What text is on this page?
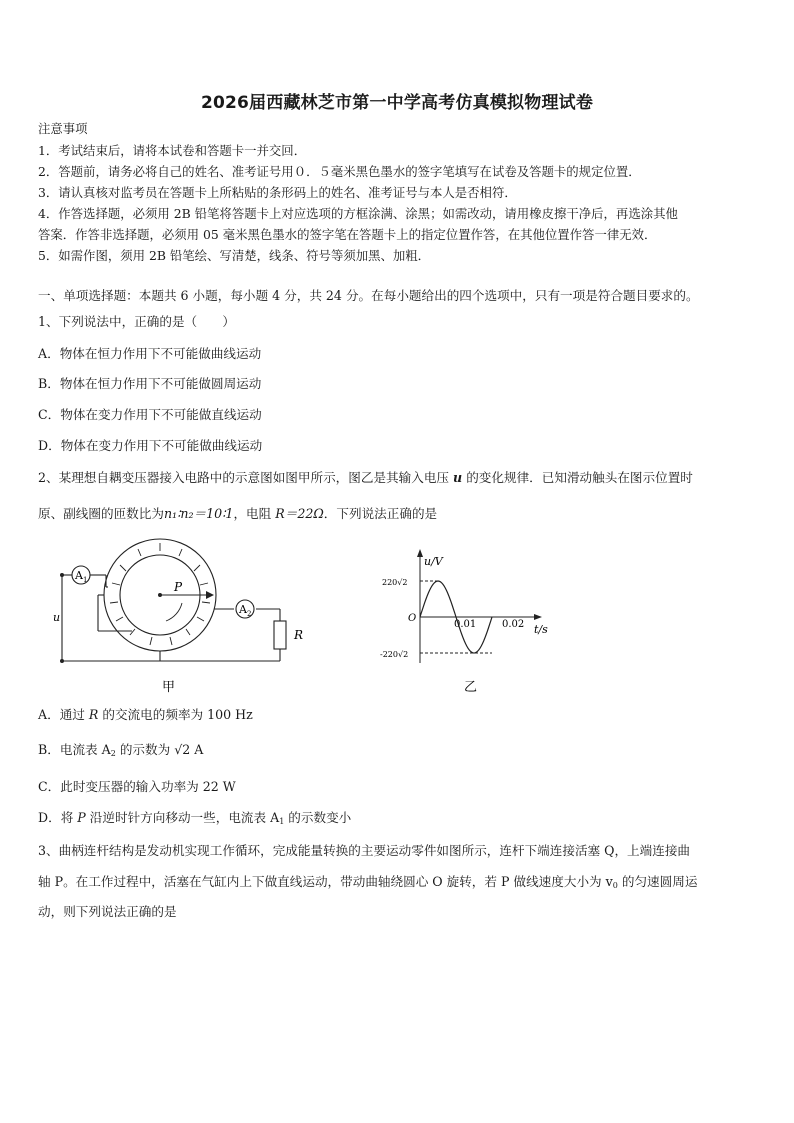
2026届西藏林芝市第一中学高考仿真模拟物理试卷
注意事项
1．考试结束后，请将本试卷和答题卡一并交回．
2．答题前，请务必将自己的姓名、准考证号用０．５毫米黑色墨水的签字笔填写在试卷及答题卡的规定位置．
3．请认真核对监考员在答题卡上所粘贴的条形码上的姓名、准考证号与本人是否相符．
4．作答选择题，必须用 2B 铅笔将答题卡上对应选项的方框涂满、涂黑；如需改动，请用橡皮擦干净后，再选涂其他
答案．作答非选择题，必须用 05 毫米黑色墨水的签字笔在答题卡上的指定位置作答，在其他位置作答一律无效．
5．如需作图，须用 2B 铅笔绘、写清楚，线条、符号等须加黑、加粗．
一、单项选择题：本题共 6 小题，每小题 4 分，共 24 分。在每小题给出的四个选项中，只有一项是符合题目要求的。
1、下列说法中，正确的是（　　）
A．物体在恒力作用下不可能做曲线运动
B．物体在恒力作用下不可能做圆周运动
C．物体在变力作用下不可能做直线运动
D．物体在变力作用下不可能做曲线运动
2、某理想自耦变压器接入电路中的示意图如图甲所示，图乙是其输入电压 u 的变化规律．已知滑动触头在图示位置时
原、副线圈的匝数比为n₁∶n₂＝10∶1，电阻 R＝22Ω．下列说法正确的是
A 1
A 2
P
R
u
甲
u/V
t/s
O
220√2
-220√2
0.01	0.02
乙
A．通过 R 的交流电的频率为 100 Hz
B．电流表 $A_2$ 的示数为 √2 A
C．此时变压器的输入功率为 22 W
D．将 P 沿逆时针方向移动一些，电流表 $A_1$ 的示数变小
3、曲柄连杆结构是发动机实现工作循环，完成能量转换的主要运动零件如图所示，连杆下端连接活塞 Q，上端连接曲
轴 P。在工作过程中，活塞在气缸内上下做直线运动，带动曲轴绕圆心 O 旋转，若 P 做线速度大小为 $v_0$ 的匀速圆周运
动，则下列说法正确的是
